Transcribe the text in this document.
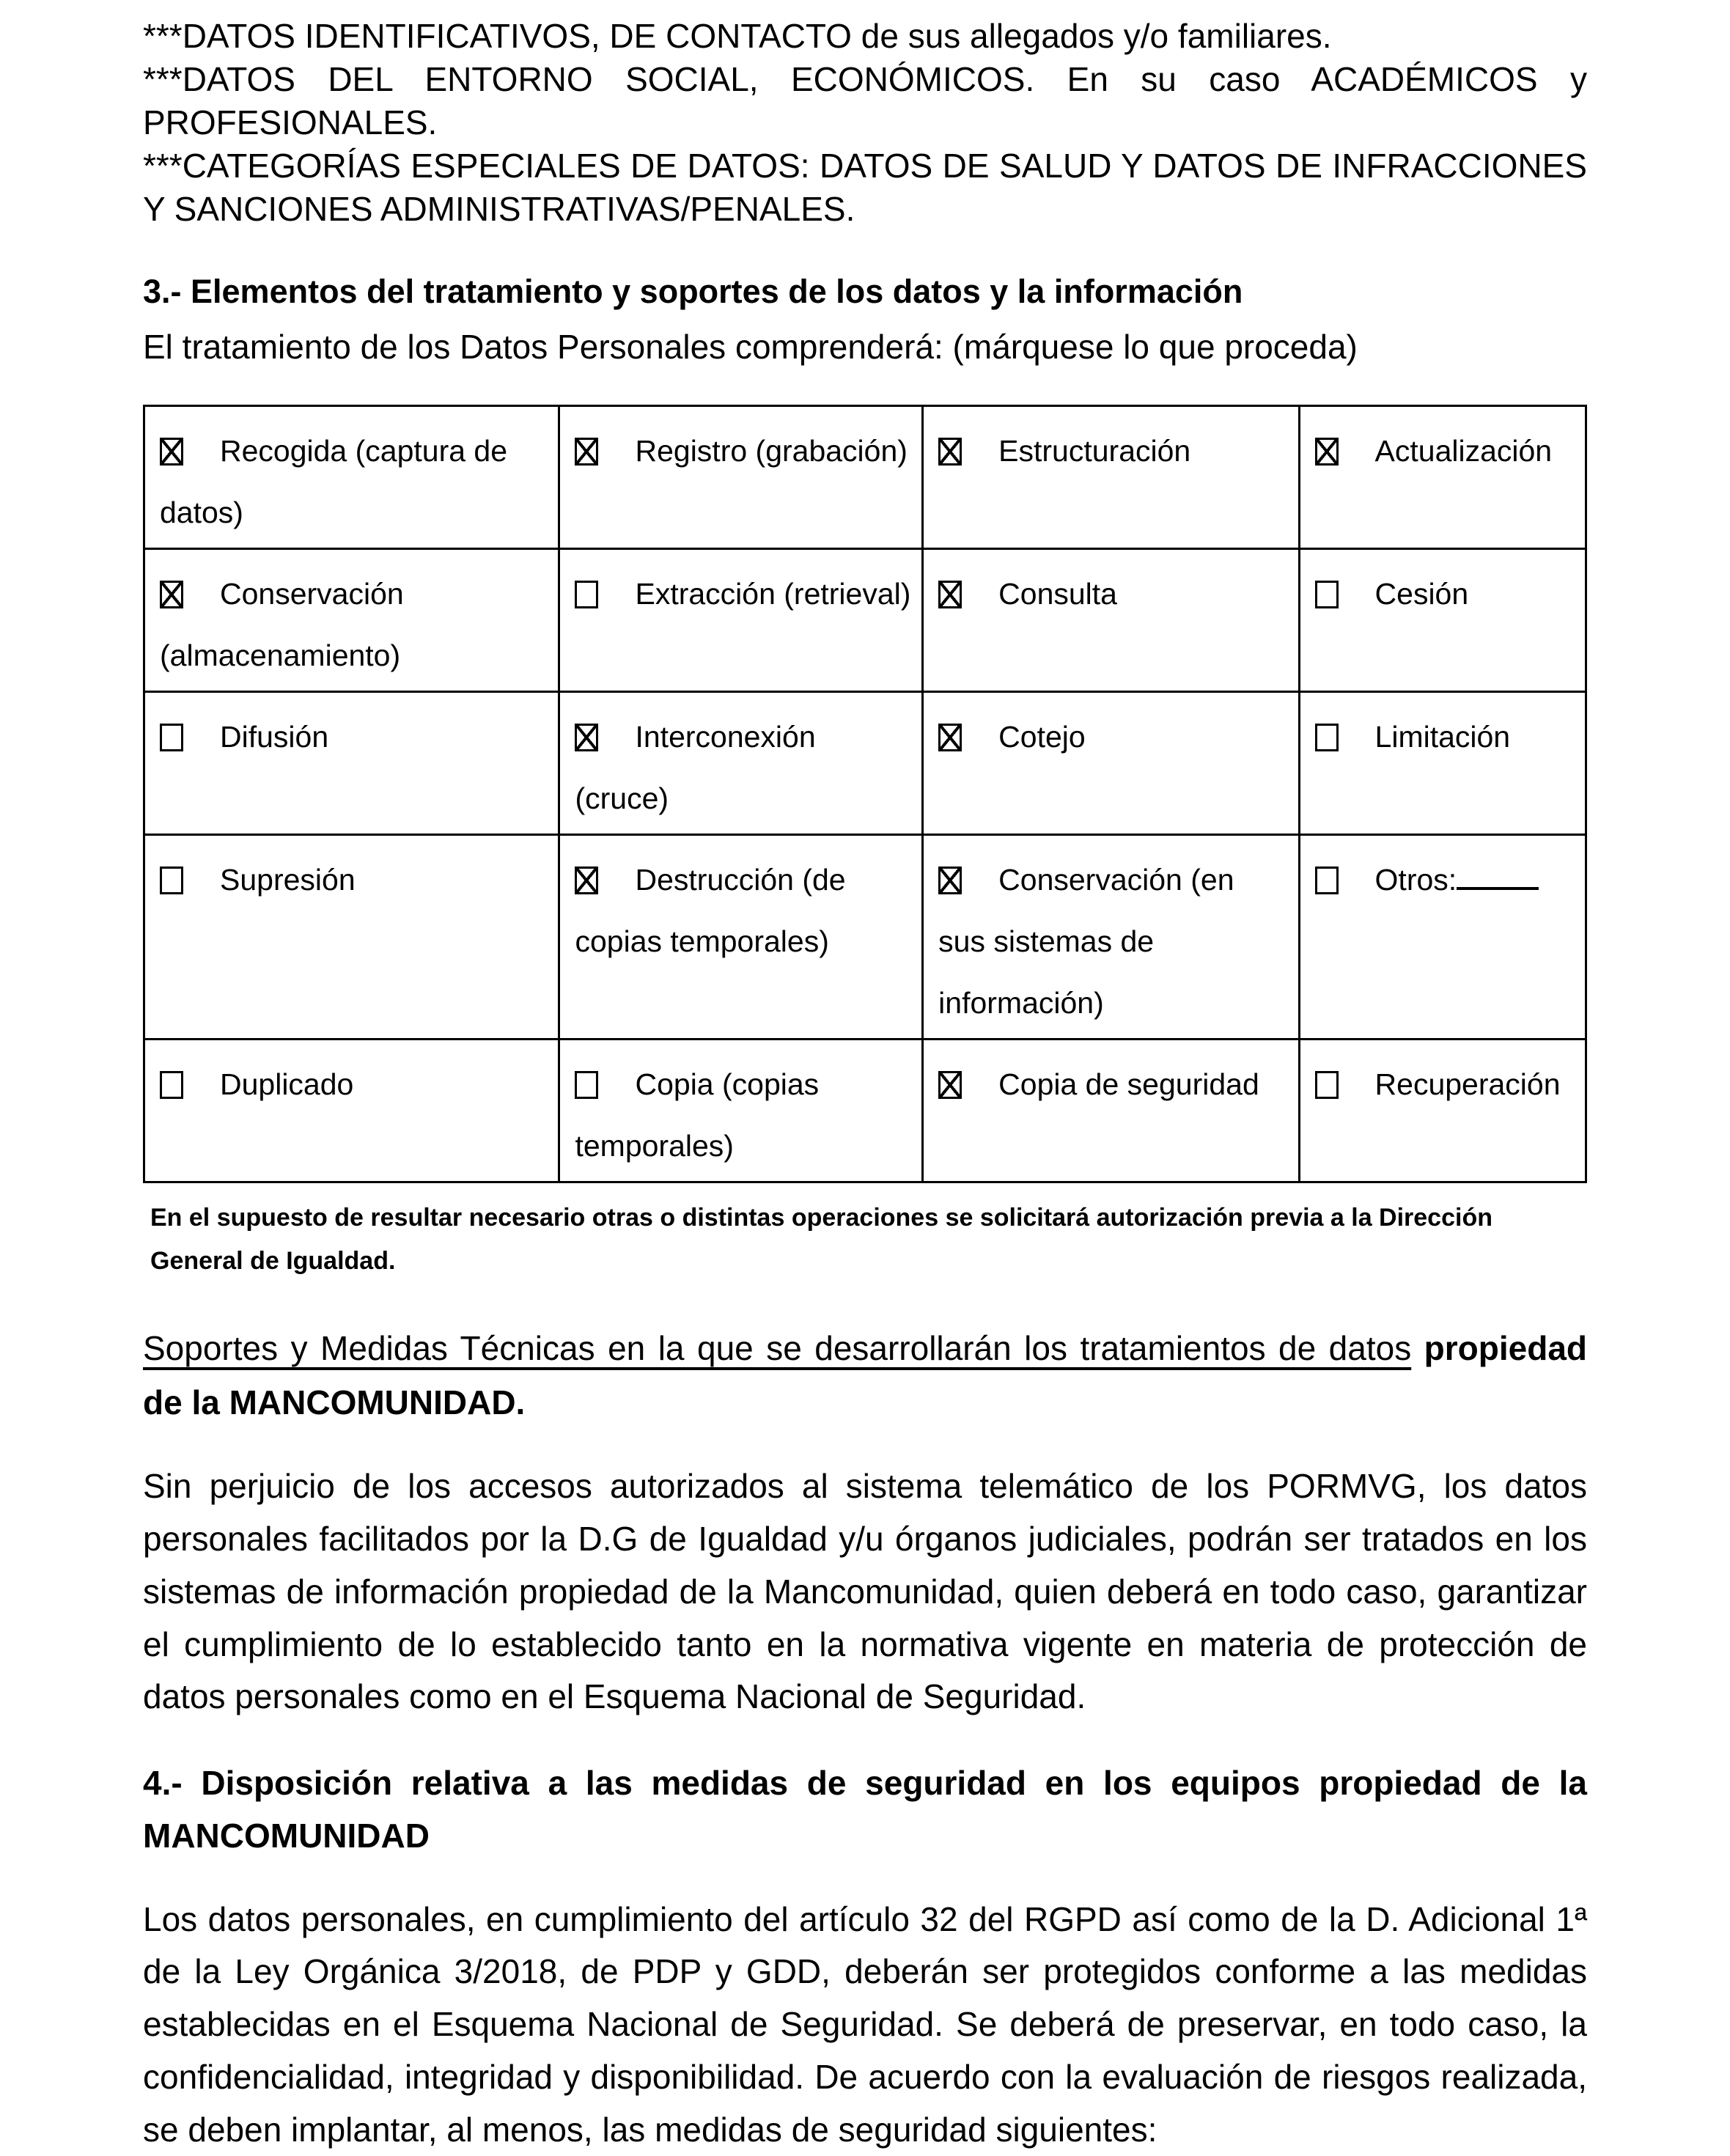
***DATOS IDENTIFICATIVOS, DE CONTACTO de sus allegados y/o familiares.

***DATOS DEL ENTORNO SOCIAL, ECONÓMICOS. En su caso ACADÉMICOS y PROFESIONALES.

***CATEGORÍAS ESPECIALES DE DATOS: DATOS DE SALUD Y DATOS DE INFRACCIONES Y SANCIONES ADMINISTRATIVAS/PENALES.

3.- Elementos del tratamiento y soportes de los datos y la información

El tratamiento de los Datos Personales comprenderá: (márquese lo que proceda)

Recogida (captura de datos)	Registro (grabación)	Estructuración	Actualización
Conservación (almacenamiento)	Extracción (retrieval)	Consulta	Cesión
Difusión	Interconexión (cruce)	Cotejo	Limitación
Supresión	Destrucción (de copias temporales)	Conservación (en sus sistemas de información)	Otros:
Duplicado	Copia (copias temporales)	Copia de seguridad	Recuperación

En el supuesto de resultar necesario otras o distintas operaciones se solicitará autorización previa a la Dirección General de Igualdad.

Soportes y Medidas Técnicas en la que se desarrollarán los tratamientos de datos propiedad de la MANCOMUNIDAD.

Sin perjuicio de los accesos autorizados al sistema telemático de los PORMVG, los datos personales facilitados por la D.G de Igualdad y/u órganos judiciales, podrán ser tratados en los sistemas de información propiedad de la Mancomunidad, quien deberá en todo caso, garantizar el cumplimiento de lo establecido tanto en la normativa vigente en materia de protección de datos personales como en el Esquema Nacional de Seguridad.

4.- Disposición relativa a las medidas de seguridad en los equipos propiedad de la MANCOMUNIDAD

Los datos personales, en cumplimiento del artículo 32 del RGPD así como de la D. Adicional 1ª de la Ley Orgánica 3/2018, de PDP y GDD, deberán ser protegidos conforme a las medidas establecidas en el Esquema Nacional de Seguridad. Se deberá de preservar, en todo caso, la confidencialidad, integridad y disponibilidad. De acuerdo con la evaluación de riesgos realizada, se deben implantar, al menos, las medidas de seguridad siguientes:
